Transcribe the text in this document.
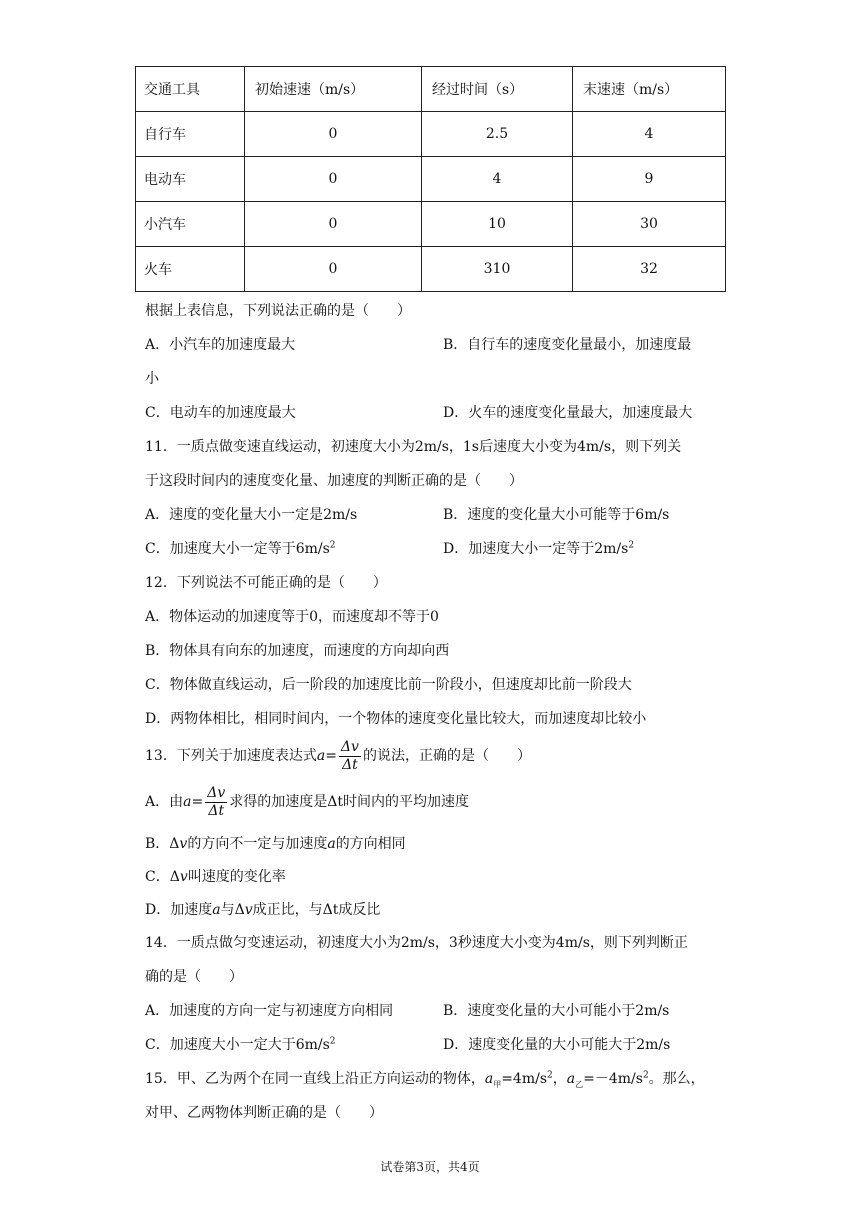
交通工具	初始速速（m/s）	经过时间（s）	末速速（m/s）
自行车	0	2.5	4
电动车	0	4	9
小汽车	0	10	30
火车	0	310	32
根据上表信息，下列说法正确的是（　　）
A．小汽车的加速度最大	B．自行车的速度变化量最小，加速度最
小
C．电动车的加速度最大	D．火车的速度变化量最大，加速度最大
11．一质点做变速直线运动，初速度大小为2m/s，1s后速度大小变为4m/s，则下列关
于这段时间内的速度变化量、加速度的判断正确的是（　　）
A．速度的变化量大小一定是2m/s	B．速度的变化量大小可能等于6m/s
C．加速度大小一定等于$6m/s^2$	D．加速度大小一定等于$2m/s^2$
12．下列说法不可能正确的是（　　）
A．物体运动的加速度等于0，而速度却不等于0
B．物体具有向东的加速度，而速度的方向却向西
C．物体做直线运动，后一阶段的加速度比前一阶段小，但速度却比前一阶段大
D．两物体相比，相同时间内，一个物体的速度变化量比较大，而加速度却比较小
13．下列关于加速度表达式$a= \frac{\Delta v}{\Delta t}$ 的说法，正确的是（　　）
A．由$a= \frac{\Delta v}{\Delta t}$ 求得的加速度是Δt时间内的平均加速度
B．Δv的方向不一定与加速度a的方向相同
C．Δv叫速度的变化率
D．加速度a与Δv成正比，与Δt成反比
14．一质点做匀变速运动，初速度大小为2m/s，3秒速度大小变为4m/s，则下列判断正
确的是（　　）
A．加速度的方向一定与初速度方向相同	B．速度变化量的大小可能小于2m/s
C．加速度大小一定大于$6m/s^2$	D．速度变化量的大小可能大于2m/s
15．甲、乙为两个在同一直线上沿正方向运动的物体，$a_甲=4m/s^2$，$a_乙=-4m/s^2$。那么，
对甲、乙两物体判断正确的是（　　）
试卷第3页，共4页
